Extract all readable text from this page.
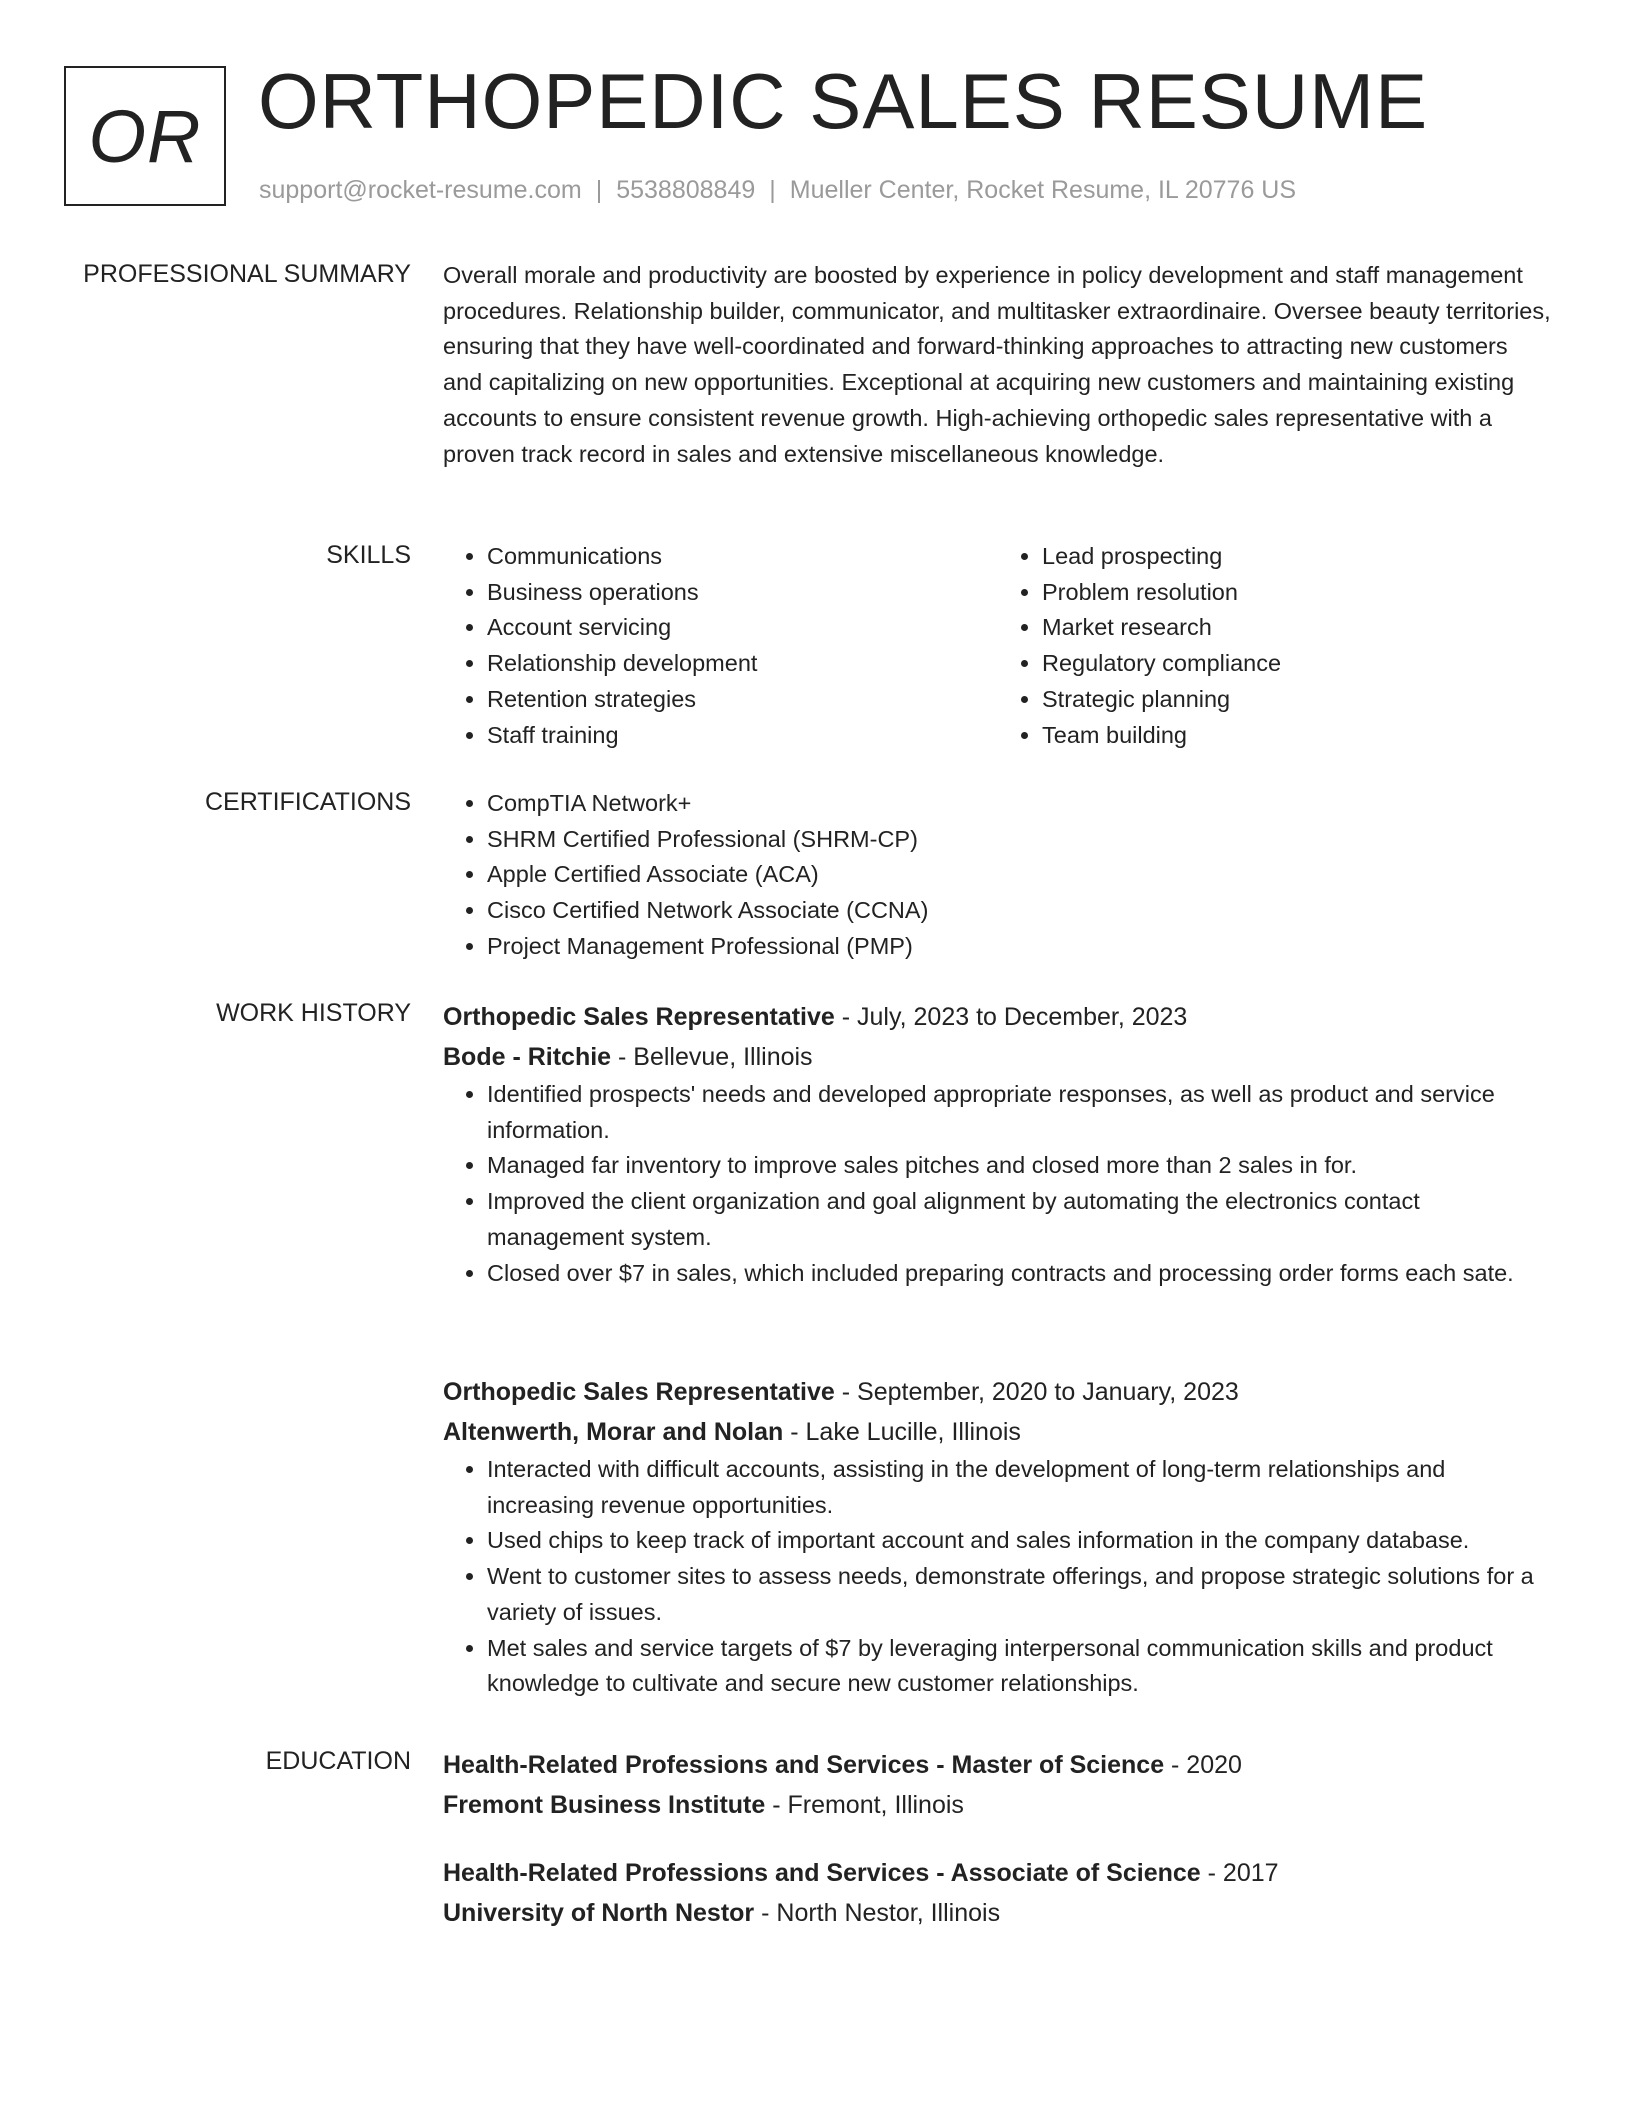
OR ORTHOPEDIC SALES RESUME
support@rocket-resume.com | 5538808849 | Mueller Center, Rocket Resume, IL 20776 US
PROFESSIONAL SUMMARY Overall morale and productivity are boosted by experience in policy development and staff management procedures. Relationship builder, communicator, and multitasker extraordinaire. Oversee beauty territories, ensuring that they have well-coordinated and forward-thinking approaches to attracting new customers and capitalizing on new opportunities. Exceptional at acquiring new customers and maintaining existing accounts to ensure consistent revenue growth. High-achieving orthopedic sales representative with a proven track record in sales and extensive miscellaneous knowledge.

SKILLS	• Communications
• Business operations
• Account servicing
• Relationship development
• Retention strategies
• Staff training
• Lead prospecting
• Problem resolution
• Market research
• Regulatory compliance
• Strategic planning
• Team building
CERTIFICATIONS	• CompTIA Network+
• SHRM Certified Professional (SHRM-CP)
• Apple Certified Associate (ACA)
• Cisco Certified Network Associate (CCNA)
• Project Management Professional (PMP)
WORK HISTORY Orthopedic Sales Representative - July, 2023 to December, 2023
Bode - Ritchie - Bellevue, Illinois
• Identified prospects' needs and developed appropriate responses, as well as product and service information.
• Managed far inventory to improve sales pitches and closed more than 2 sales in for.
• Improved the client organization and goal alignment by automating the electronics contact management system.
• Closed over $7 in sales, which included preparing contracts and processing order forms each sate.
Orthopedic Sales Representative - September, 2020 to January, 2023
Altenwerth, Morar and Nolan - Lake Lucille, Illinois
• Interacted with difficult accounts, assisting in the development of long-term relationships and increasing revenue opportunities.
• Used chips to keep track of important account and sales information in the company database.
• Went to customer sites to assess needs, demonstrate offerings, and propose strategic solutions for a variety of issues.
• Met sales and service targets of $7 by leveraging interpersonal communication skills and product knowledge to cultivate and secure new customer relationships.
EDUCATION Health-Related Professions and Services - Master of Science - 2020
Fremont Business Institute - Fremont, Illinois
Health-Related Professions and Services - Associate of Science - 2017
University of North Nestor - North Nestor, Illinois
